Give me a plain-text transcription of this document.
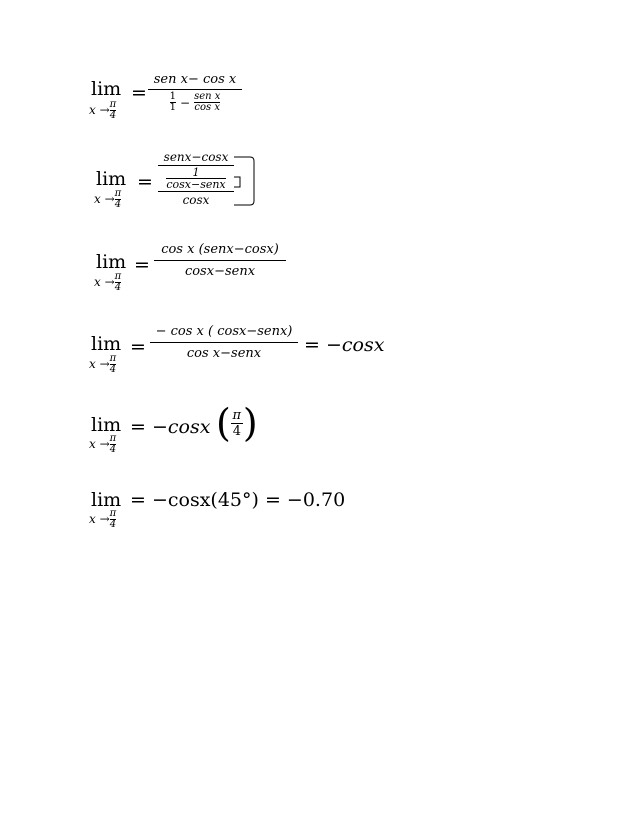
lim
$x \to \frac{\pi}{4}$
=
sen x− cos x
1
1 − sen x
cos x
lim
$x \to \frac{\pi}{4}$
=
senx−cosx
1
cosx−senx
cosx
lim
$x \to \frac{\pi}{4}$
=
cos x (senx−cosx)
cosx−senx
lim
$x \to \frac{\pi}{4}$
=
− cos x ( cosx−senx)
cos x−senx = −cosx
lim
$x \to \frac{\pi}{4}$
= −cosx ( $\frac{\pi}{4}$ )
lim
$x \to \frac{\pi}{4}$
= −cosx(45°) = −0.70
